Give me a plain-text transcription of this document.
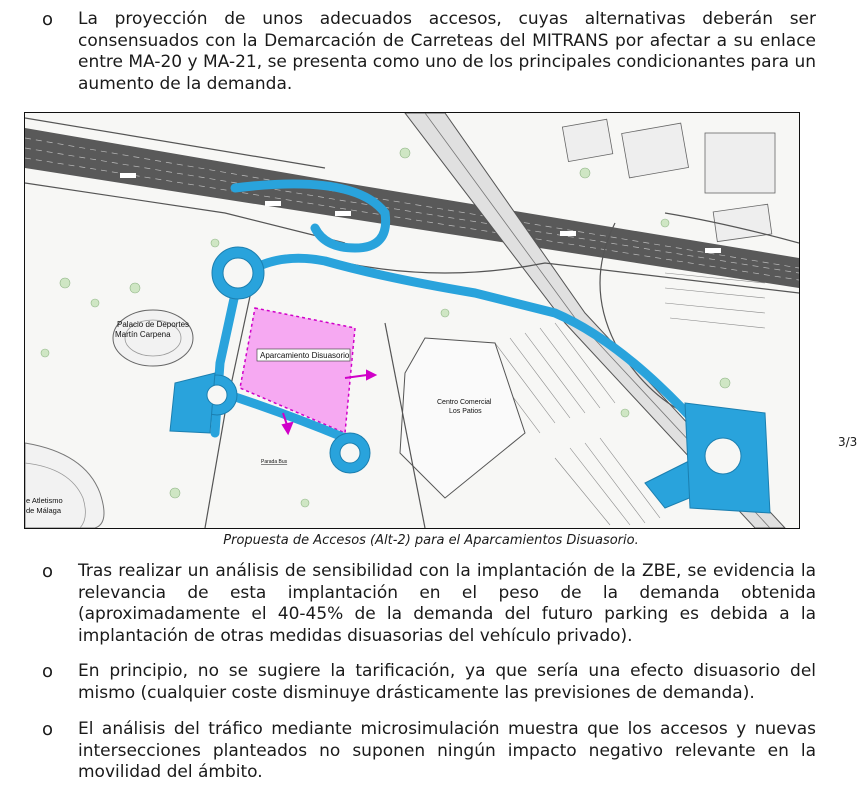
o La proyección de unos adecuados accesos, cuyas alternativas deberán ser consensuados con la Demarcación de Carreteas del MITRANS por afectar a su enlace entre MA-20 y MA-21, se presenta como uno de los principales condicionantes para un aumento de la demanda.
Aparcamiento Disuasorio
Palacio de Deportes
Martín Carpena
Centro Comercial
Los Patios
e Atletismo
de Málaga
Parada Bus
Propuesta de Accesos (Alt-2) para el Aparcamientos Disuasorio.
3/3
o Tras realizar un análisis de sensibilidad con la implantación de la ZBE, se evidencia la relevancia de esta implantación en el peso de la demanda obtenida (aproximadamente el 40-45% de la demanda del futuro parking es debida a la implantación de otras medidas disuasorias del vehículo privado).
o En principio, no se sugiere la tarificación, ya que sería una efecto disuasorio del mismo (cualquier coste disminuye drásticamente las previsiones de demanda).
o El análisis del tráfico mediante microsimulación muestra que los accesos y nuevas intersecciones planteados no suponen ningún impacto negativo relevante en la movilidad del ámbito.
